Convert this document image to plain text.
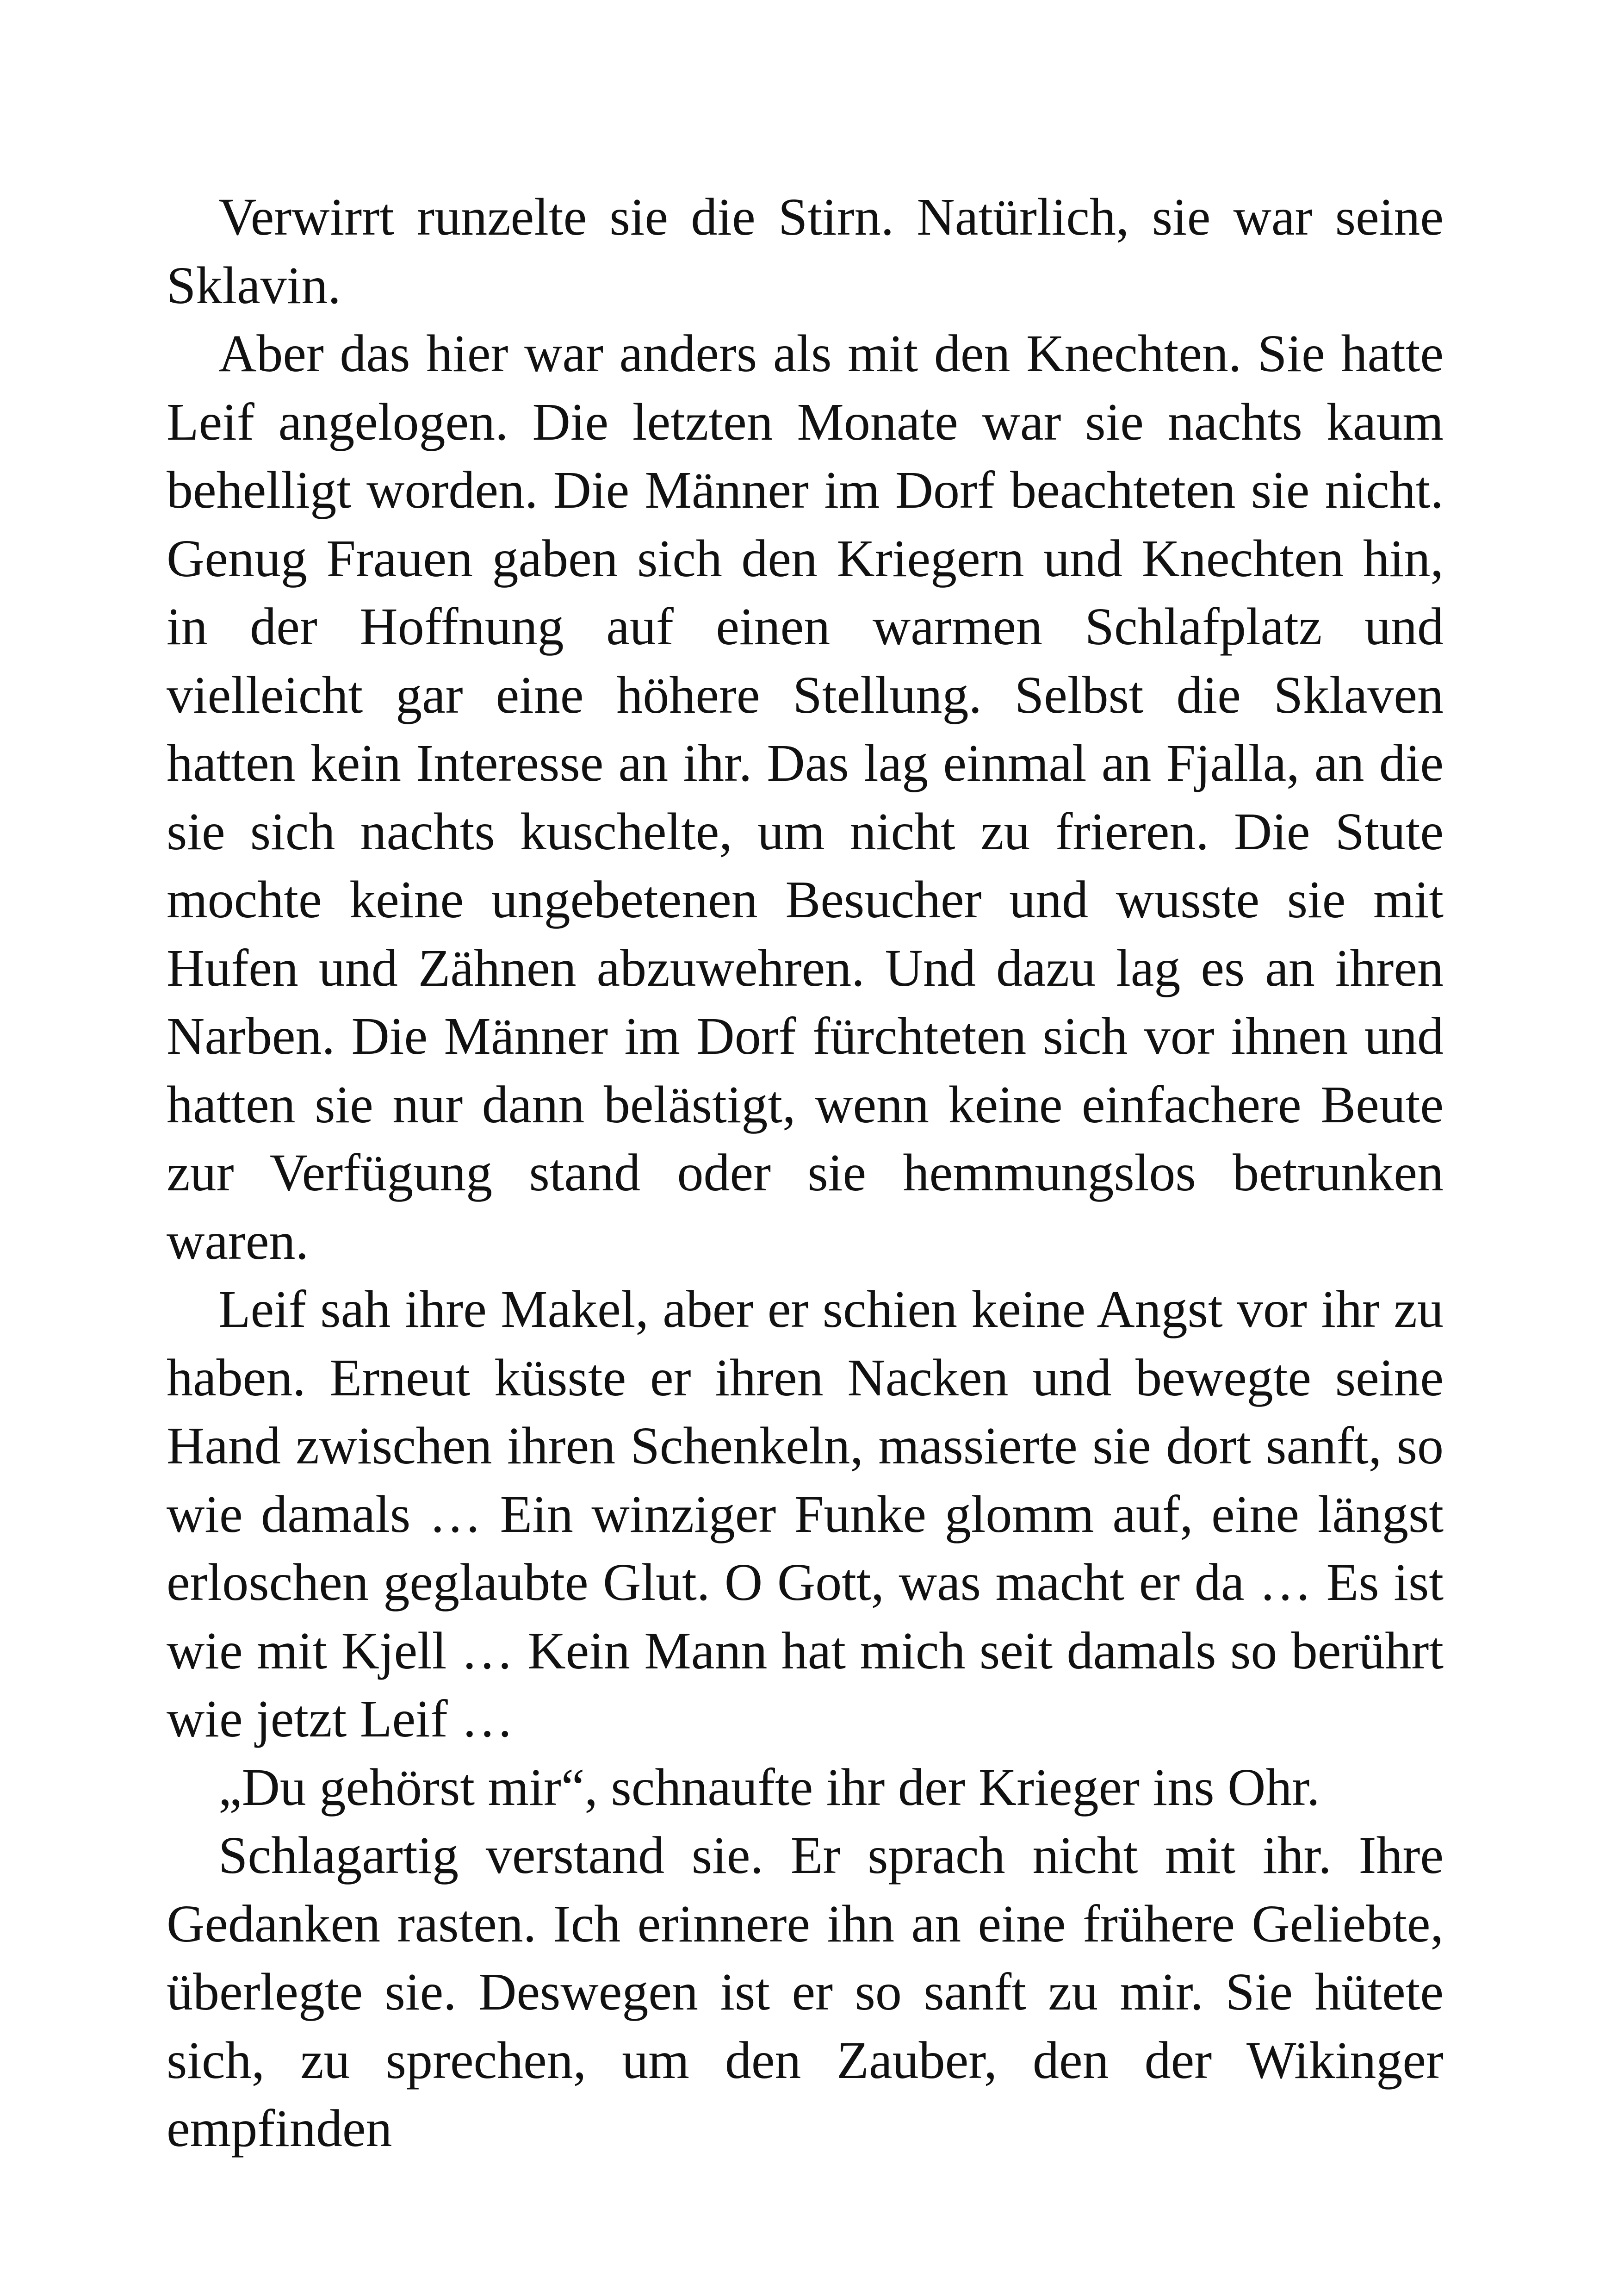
Verwirrt runzelte sie die Stirn. Natürlich, sie war seine Sklavin.

Aber das hier war anders als mit den Knechten. Sie hatte Leif angelogen. Die letzten Monate war sie nachts kaum behelligt worden. Die Männer im Dorf beachteten sie nicht. Genug Frauen gaben sich den Kriegern und Knechten hin, in der Hoffnung auf einen warmen Schlafplatz und vielleicht gar eine höhere Stellung. Selbst die Sklaven hatten kein Interesse an ihr. Das lag einmal an Fjalla, an die sie sich nachts kuschelte, um nicht zu frieren. Die Stute mochte keine ungebetenen Besucher und wusste sie mit Hufen und Zähnen abzuwehren. Und dazu lag es an ihren Narben. Die Männer im Dorf fürchteten sich vor ihnen und hatten sie nur dann belästigt, wenn keine einfachere Beute zur Verfügung stand oder sie hemmungslos betrunken waren.

Leif sah ihre Makel, aber er schien keine Angst vor ihr zu haben. Erneut küsste er ihren Nacken und bewegte seine Hand zwischen ihren Schenkeln, massierte sie dort sanft, so wie damals … Ein winziger Funke glomm auf, eine längst erloschen geglaubte Glut. O Gott, was macht er da … Es ist wie mit Kjell … Kein Mann hat mich seit damals so berührt wie jetzt Leif …

„Du gehörst mir“, schnaufte ihr der Krieger ins Ohr.

Schlagartig verstand sie. Er sprach nicht mit ihr. Ihre Gedanken rasten. Ich erinnere ihn an eine frühere Geliebte, überlegte sie. Deswegen ist er so sanft zu mir. Sie hütete sich, zu sprechen, um den Zauber, den der Wikinger empfinden
